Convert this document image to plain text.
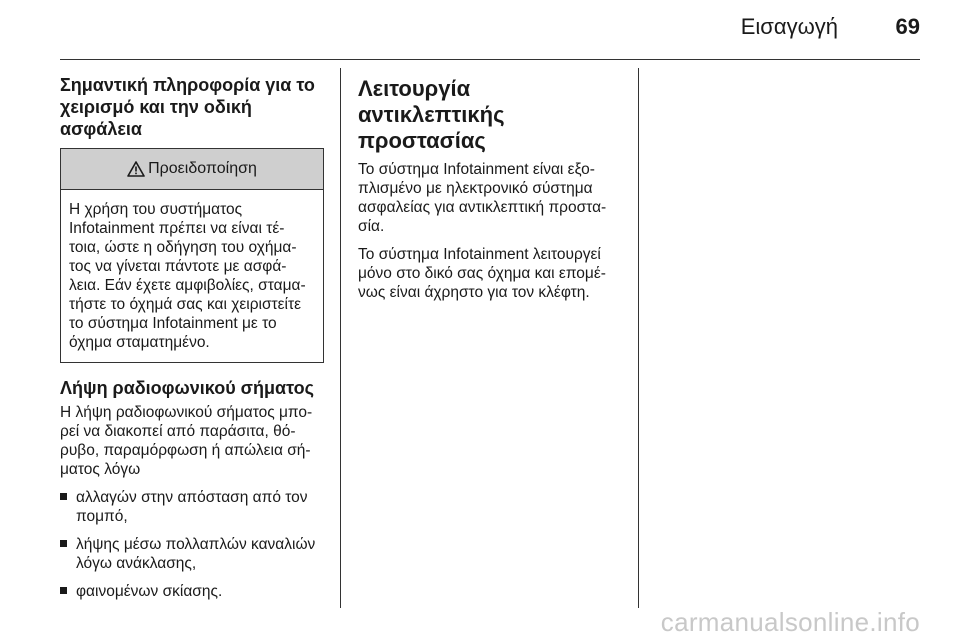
Εισαγωγή	69
Σημαντική πληροφορία για το χειρισμό και την οδική ασφάλεια
Προειδοποίηση
Η χρήση του συστήματος Infotainment πρέπει να είναι τέ-τοια, ώστε η οδήγηση του οχήμα-τος να γίνεται πάντοτε με ασφά-λεια. Εάν έχετε αμφιβολίες, σταμα-τήστε το όχημά σας και χειριστείτε το σύστημα Infotainment με το όχημα σταματημένο.
Λήψη ραδιοφωνικού σήματος

Η λήψη ραδιοφωνικού σήματος μπο-ρεί να διακοπεί από παράσιτα, θό-ρυβο, παραμόρφωση ή απώλεια σή-ματος λόγω

αλλαγών στην απόσταση από τον πομπό,
λήψης μέσω πολλαπλών καναλιών λόγω ανάκλασης,
φαινομένων σκίασης.
Λειτουργία αντικλεπτικής προστασίας

Το σύστημα Infotainment είναι εξο-πλισμένο με ηλεκτρονικό σύστημα ασφαλείας για αντικλεπτική προστα-σία.

Το σύστημα Infotainment λειτουργεί μόνο στο δικό σας όχημα και επομέ-νως είναι άχρηστο για τον κλέφτη.

carmanualsonline.info
